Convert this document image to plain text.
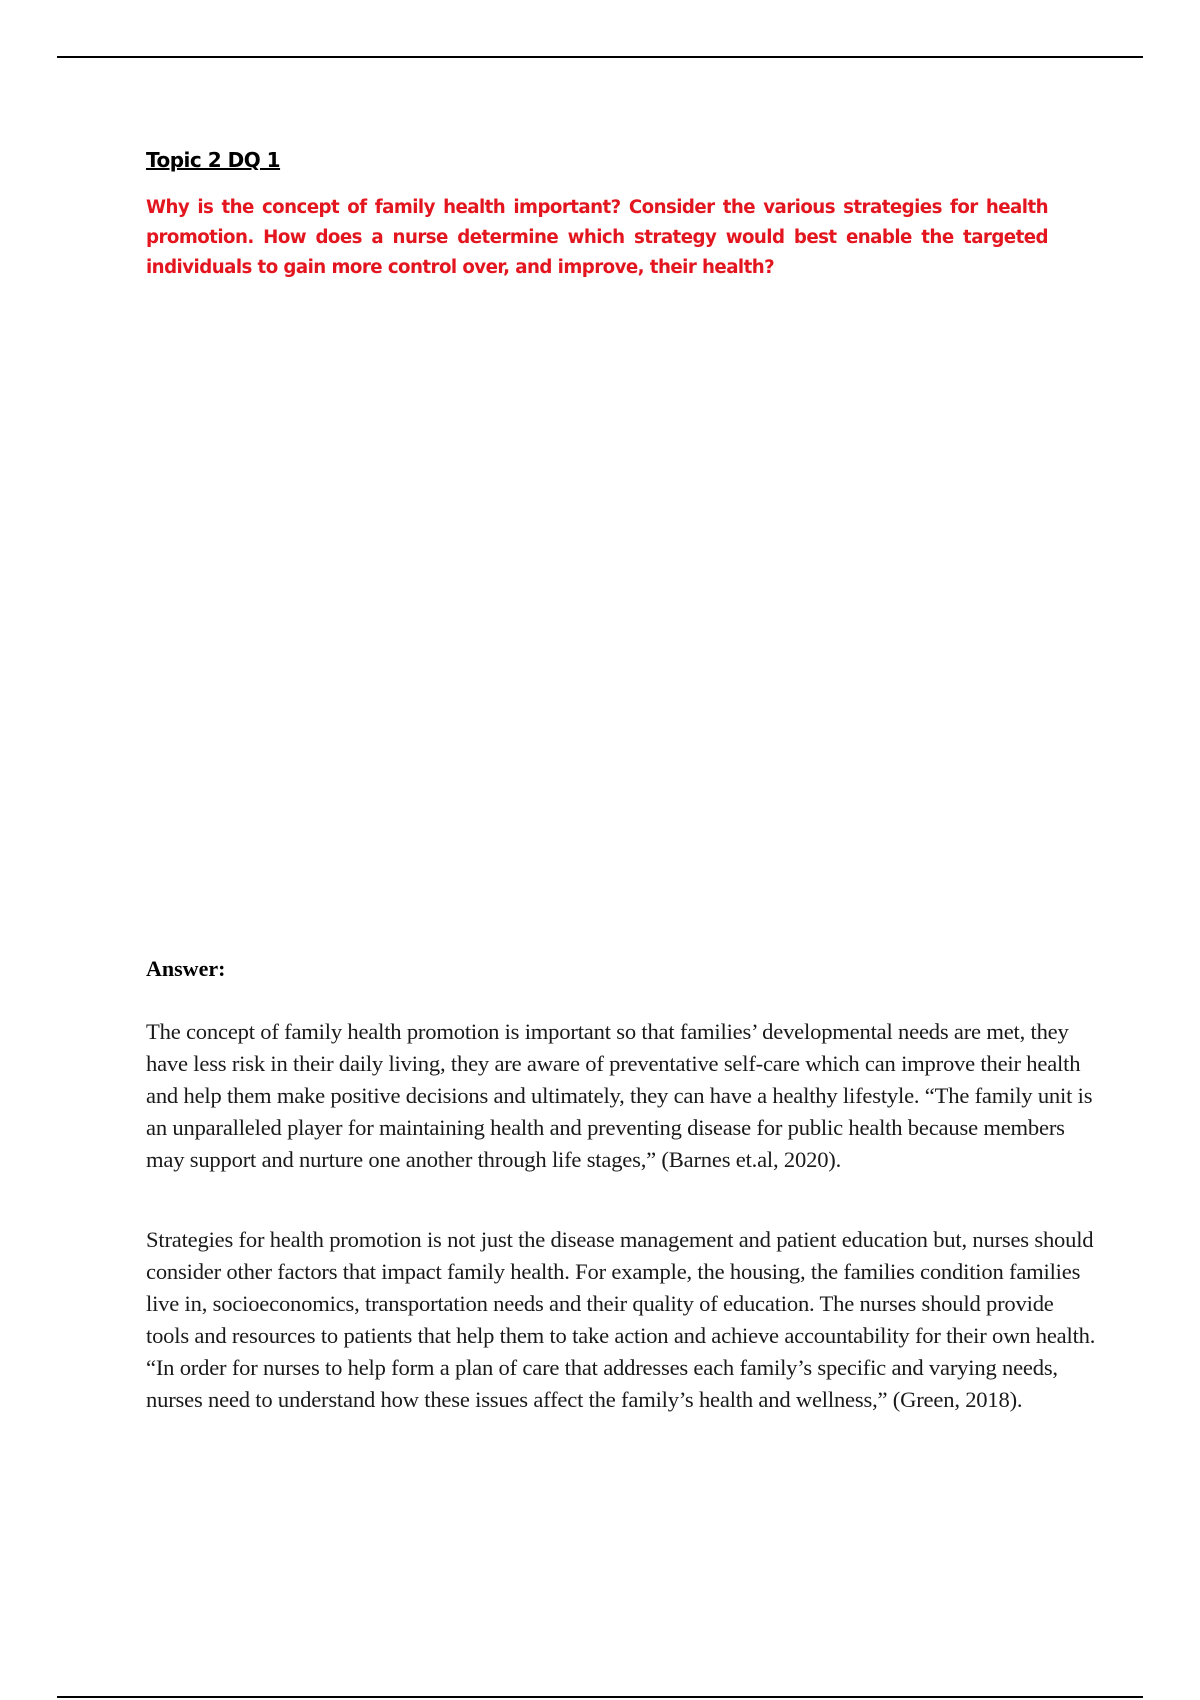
Topic 2 DQ 1

Why is the concept of family health important? Consider the various strategies for health promotion. How does a nurse determine which strategy would best enable the targeted individuals to gain more control over, and improve, their health?

Answer:

The concept of family health promotion is important so that families’ developmental needs are met, they have less risk in their daily living, they are aware of preventative self-care which can improve their health and help them make positive decisions and ultimately, they can have a healthy lifestyle. “The family unit is an unparalleled player for maintaining health and preventing disease for public health because members may support and nurture one another through life stages,” (Barnes et.al, 2020).

Strategies for health promotion is not just the disease management and patient education but, nurses should consider other factors that impact family health. For example, the housing, the families condition families live in, socioeconomics, transportation needs and their quality of education. The nurses should provide tools and resources to patients that help them to take action and achieve accountability for their own health. “In order for nurses to help form a plan of care that addresses each family’s specific and varying needs, nurses need to understand how these issues affect the family’s health and wellness,” (Green, 2018).
